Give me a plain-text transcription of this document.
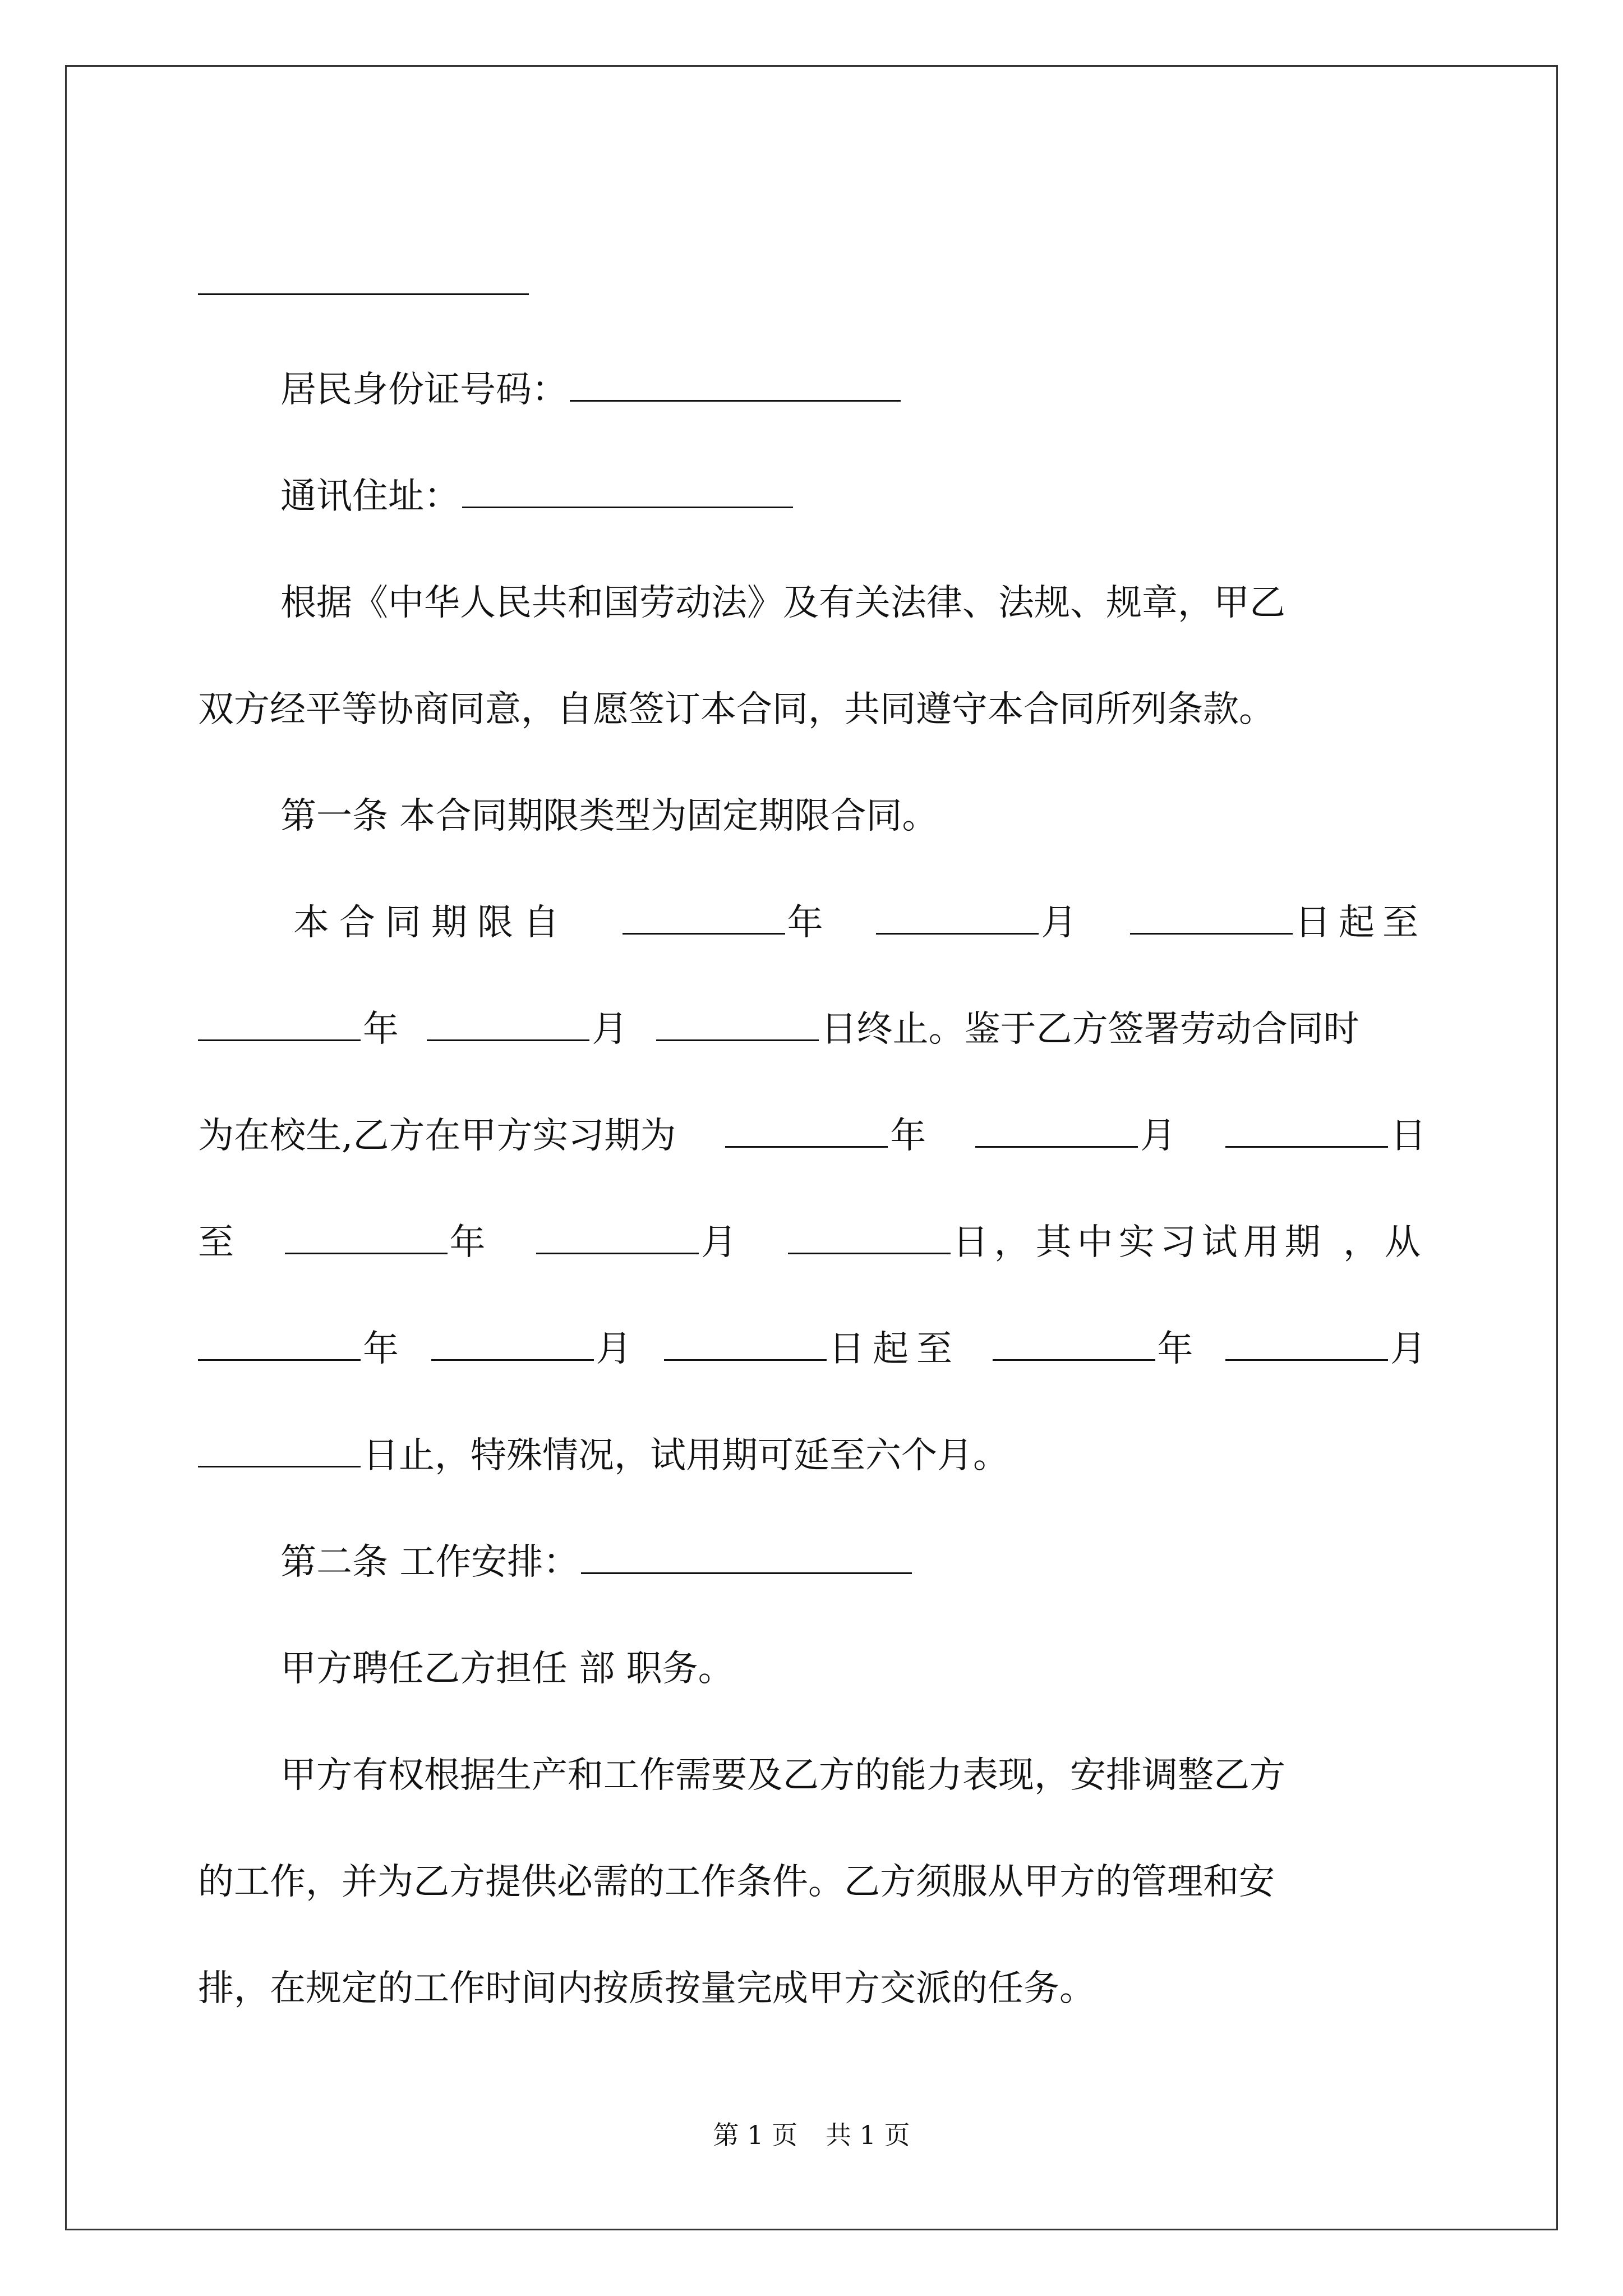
居民身份证号码：
通讯住址：
根据《中华人民共和国劳动法》及有关法律、法规、规章，甲乙
双方经平等协商同意，自愿签订本合同，共同遵守本合同所列条款。
第一条 本合同期限类型为固定期限合同。
本合同期限自	年	月	日起至
年	月	日终止。鉴于乙方签署劳动合同时
为在校生,乙方在甲方实习期为	年	月	日
至	年	月	日，其中实习试用期 ，从
年	月	日起至	年	月
日止，特殊情况，试用期可延至六个月。
第二条 工作安排：
甲方聘任乙方担任 部 职务。
甲方有权根据生产和工作需要及乙方的能力表现，安排调整乙方
的工作，并为乙方提供必需的工作条件。乙方须服从甲方的管理和安
排，在规定的工作时间内按质按量完成甲方交派的任务。
第 1 页 共 1 页
